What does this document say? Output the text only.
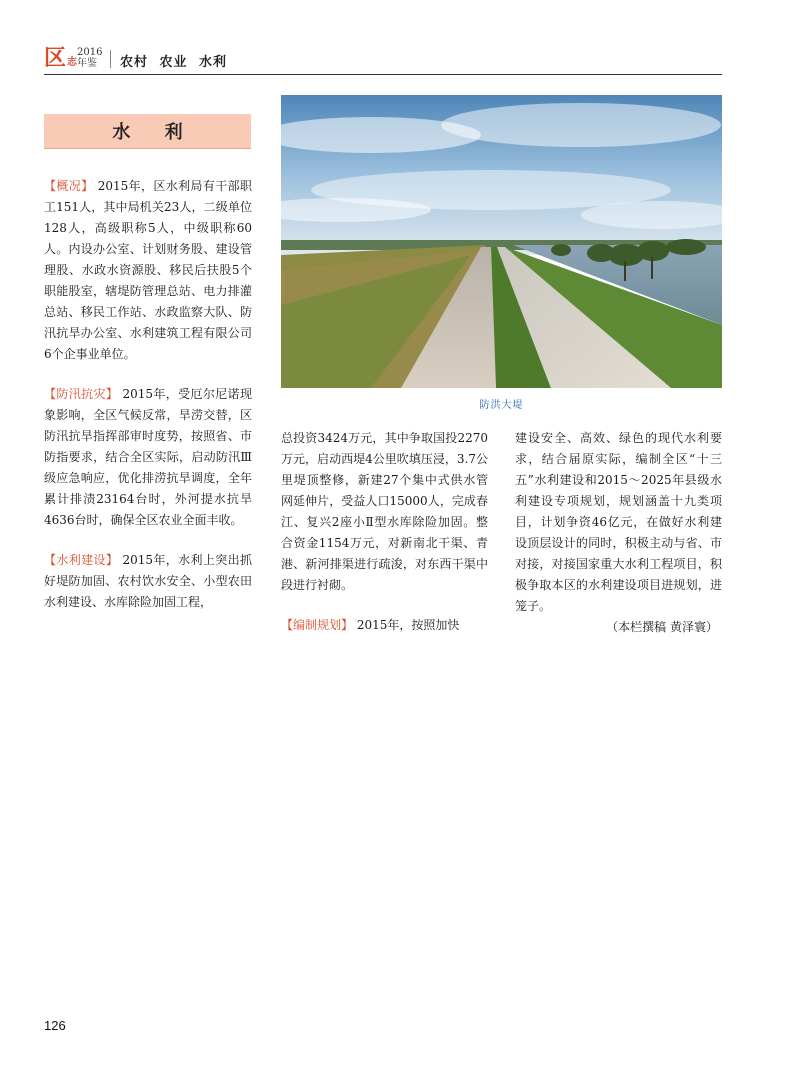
区 志
2016
年鉴	农村 农业 水利
水 利

【概况】 2015年，区水利局有干部职工151人，其中局机关23人，二级单位128人，高级职称5人，中级职称60人。内设办公室、计划财务股、建设管理股、水政水资源股、移民后扶股5个职能股室，辖堤防管理总站、电力排灌总站、移民工作站、水政监察大队、防汛抗旱办公室、水利建筑工程有限公司6个企事业单位。

【防汛抗灾】 2015年，受厄尔尼诺现象影响，全区气候反常，旱涝交替，区防汛抗旱指挥部审时度势，按照省、市防指要求，结合全区实际，启动防汛Ⅲ级应急响应，优化排涝抗旱调度，全年累计排渍23164台时，外河提水抗旱4636台时，确保全区农业全面丰收。

【水利建设】 2015年，水利上突出抓好堤防加固、农村饮水安全、小型农田水利建设、水库除险加固工程，

防洪大堤

总投资3424万元，其中争取国投2270万元，启动西堤4公里吹填压浸，3.7公里堤顶整修，新建27个集中式供水管网延伸片，受益人口15000人，完成春江、复兴2座小Ⅱ型水库除险加固。整合资金1154万元，对新南北干渠、青港、新河排渠进行疏浚，对东西干渠中段进行衬砌。

【编制规划】 2015年，按照加快

建设安全、高效、绿色的现代水利要求，结合届原实际，编制全区“十三五”水利建设和2015～2025年县级水利建设专项规划，规划涵盖十九类项目，计划争资46亿元，在做好水利建设顶层设计的同时，积极主动与省、市对接，对接国家重大水利工程项目，积极争取本区的水利建设项目进规划，进笼子。

（本栏撰稿 黄泽寰）
126
